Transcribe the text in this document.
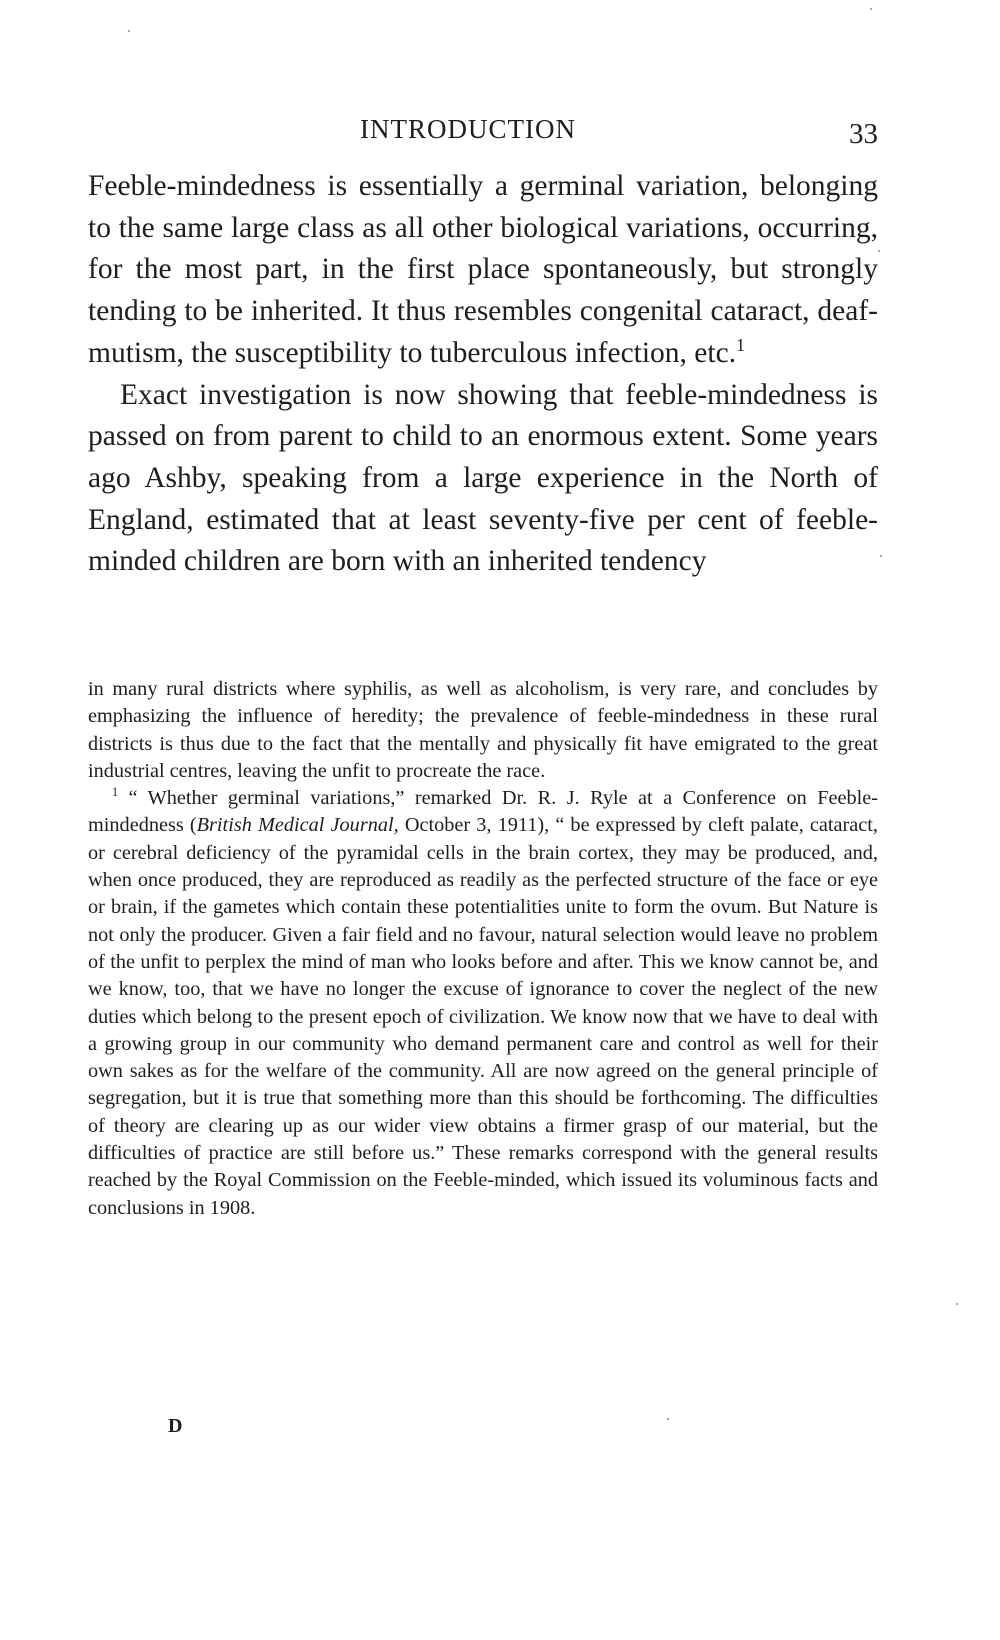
INTRODUCTION	33

Feeble-mindedness is essentially a germinal variation, belonging to the same large class as all other biological variations, occurring, for the most part, in the first place spontaneously, but strongly tending to be inherited. It thus resembles congenital cataract, deaf-mutism, the susceptibility to tuberculous infection, etc.$^1$

Exact investigation is now showing that feeble-mindedness is passed on from parent to child to an enormous extent. Some years ago Ashby, speaking from a large experience in the North of England, estimated that at least seventy-five per cent of feeble-minded children are born with an inherited tendency

in many rural districts where syphilis, as well as alcoholism, is very rare, and concludes by emphasizing the influence of heredity; the prevalence of feeble-mindedness in these rural districts is thus due to the fact that the mentally and physically fit have emigrated to the great industrial centres, leaving the unfit to procreate the race.

$^1$ “ Whether germinal variations,” remarked Dr. R. J. Ryle at a Conference on Feeble-mindedness (British Medical Journal, October 3, 1911), “ be expressed by cleft palate, cataract, or cerebral deficiency of the pyramidal cells in the brain cortex, they may be produced, and, when once produced, they are reproduced as readily as the perfected structure of the face or eye or brain, if the gametes which contain these potentialities unite to form the ovum. But Nature is not only the producer. Given a fair field and no favour, natural selection would leave no problem of the unfit to perplex the mind of man who looks before and after. This we know cannot be, and we know, too, that we have no longer the excuse of ignorance to cover the neglect of the new duties which belong to the present epoch of civilization. We know now that we have to deal with a growing group in our community who demand permanent care and control as well for their own sakes as for the welfare of the community. All are now agreed on the general principle of segregation, but it is true that something more than this should be forthcoming. The difficulties of theory are clearing up as our wider view obtains a firmer grasp of our material, but the difficulties of practice are still before us.” These remarks correspond with the general results reached by the Royal Commission on the Feeble-minded, which issued its voluminous facts and conclusions in 1908.

D
